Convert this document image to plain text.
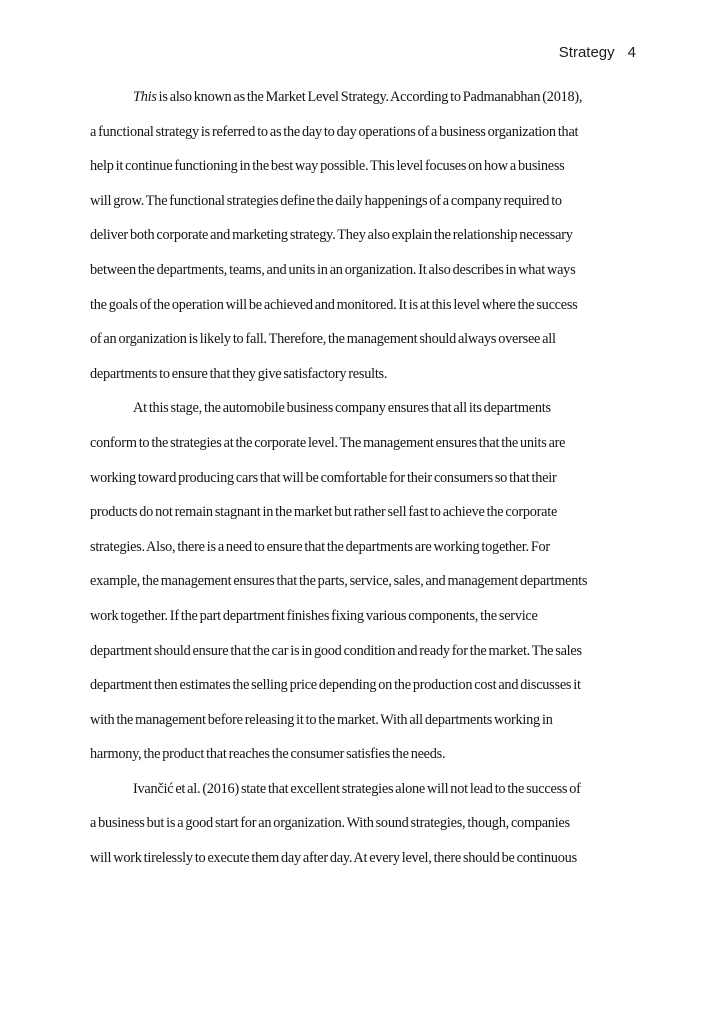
Strategy 4
This is also known as the Market Level Strategy. According to Padmanabhan (2018),
a functional strategy is referred to as the day to day operations of a business organization that
help it continue functioning in the best way possible. This level focuses on how a business
will grow. The functional strategies define the daily happenings of a company required to
deliver both corporate and marketing strategy. They also explain the relationship necessary
between the departments, teams, and units in an organization. It also describes in what ways
the goals of the operation will be achieved and monitored. It is at this level where the success
of an organization is likely to fall. Therefore, the management should always oversee all
departments to ensure that they give satisfactory results.
At this stage, the automobile business company ensures that all its departments
conform to the strategies at the corporate level. The management ensures that the units are
working toward producing cars that will be comfortable for their consumers so that their
products do not remain stagnant in the market but rather sell fast to achieve the corporate
strategies. Also, there is a need to ensure that the departments are working together. For
example, the management ensures that the parts, service, sales, and management departments
work together. If the part department finishes fixing various components, the service
department should ensure that the car is in good condition and ready for the market. The sales
department then estimates the selling price depending on the production cost and discusses it
with the management before releasing it to the market. With all departments working in
harmony, the product that reaches the consumer satisfies the needs.
Ivančić et al. (2016) state that excellent strategies alone will not lead to the success of
a business but is a good start for an organization. With sound strategies, though, companies
will work tirelessly to execute them day after day. At every level, there should be continuous
